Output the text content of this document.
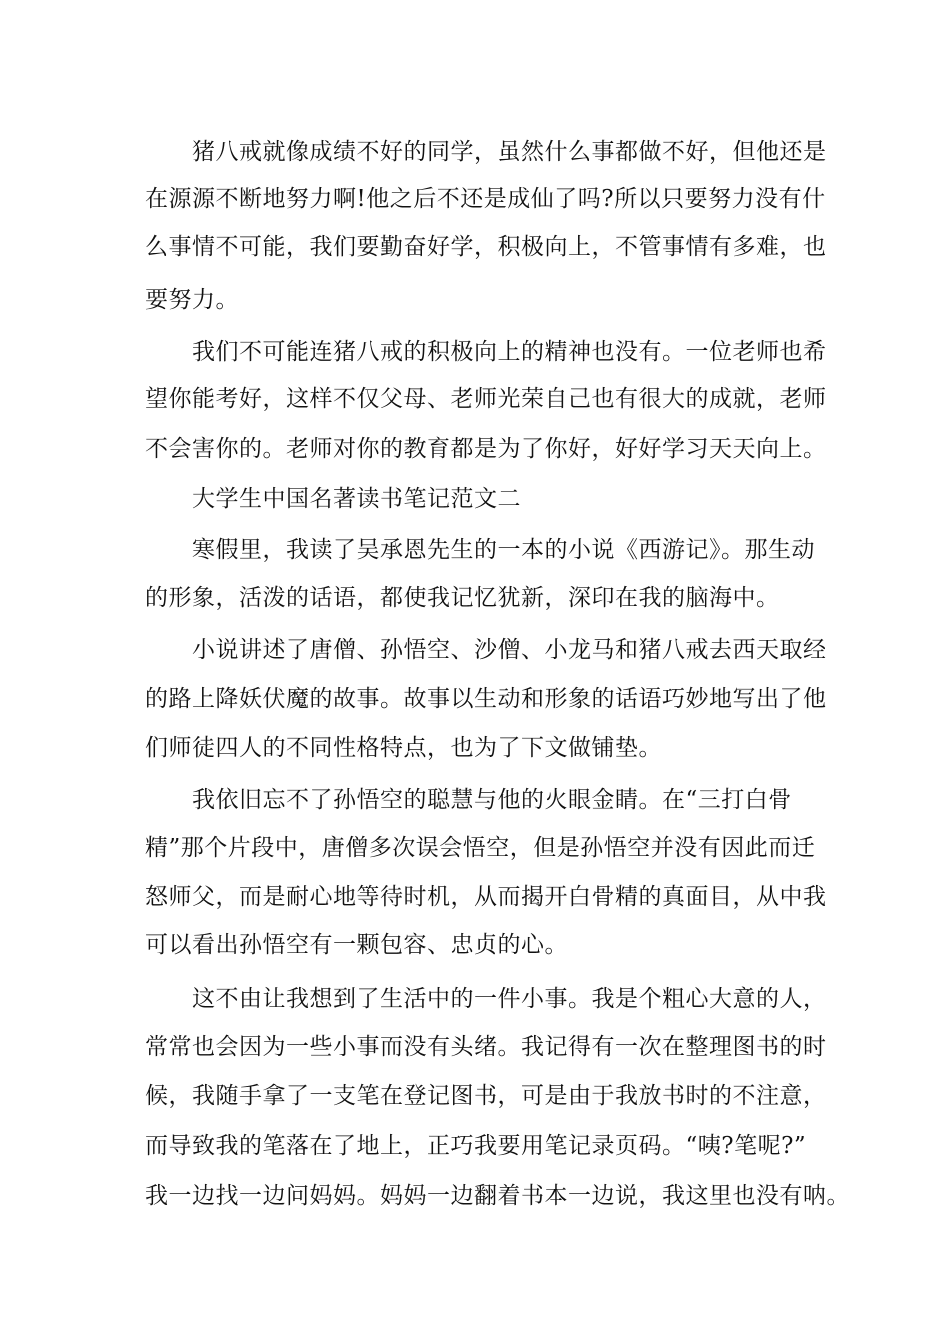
猪八戒就像成绩不好的同学，虽然什么事都做不好，但他还是
在源源不断地努力啊!他之后不还是成仙了吗?所以只要努力没有什
么事情不可能，我们要勤奋好学，积极向上，不管事情有多难，也
要努力。
我们不可能连猪八戒的积极向上的精神也没有。一位老师也希
望你能考好，这样不仅父母、老师光荣自己也有很大的成就，老师
不会害你的。老师对你的教育都是为了你好，好好学习天天向上。
大学生中国名著读书笔记范文二
寒假里，我读了吴承恩先生的一本的小说《西游记》。那生动
的形象，活泼的话语，都使我记忆犹新，深印在我的脑海中。
小说讲述了唐僧、孙悟空、沙僧、小龙马和猪八戒去西天取经
的路上降妖伏魔的故事。故事以生动和形象的话语巧妙地写出了他
们师徒四人的不同性格特点，也为了下文做铺垫。
我依旧忘不了孙悟空的聪慧与他的火眼金睛。在“三打白骨
精”那个片段中，唐僧多次误会悟空，但是孙悟空并没有因此而迁
怒师父，而是耐心地等待时机，从而揭开白骨精的真面目，从中我
可以看出孙悟空有一颗包容、忠贞的心。
这不由让我想到了生活中的一件小事。我是个粗心大意的人，
常常也会因为一些小事而没有头绪。我记得有一次在整理图书的时
候，我随手拿了一支笔在登记图书，可是由于我放书时的不注意，
而导致我的笔落在了地上，正巧我要用笔记录页码。“咦?笔呢?”
我一边找一边问妈妈。妈妈一边翻着书本一边说，我这里也没有呐。
